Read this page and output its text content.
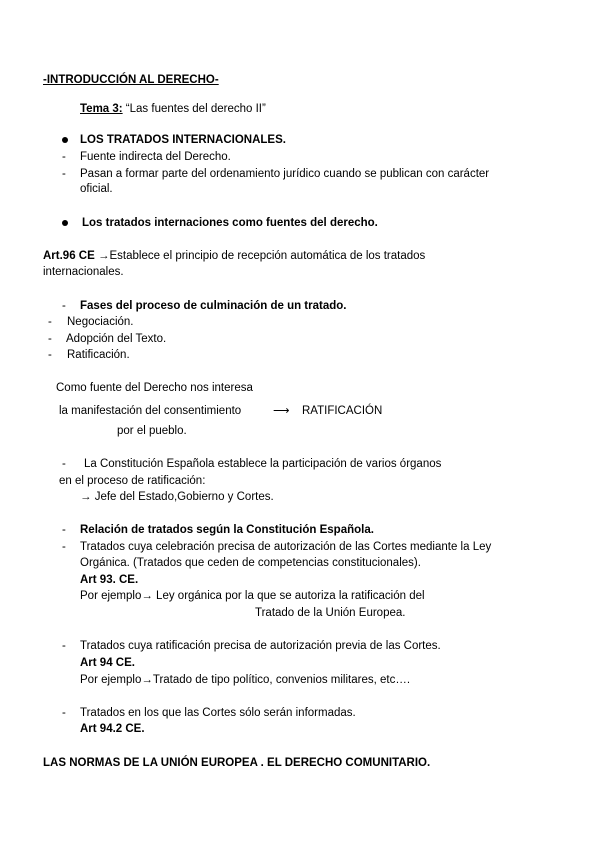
-INTRODUCCIÓN AL DERECHO-
Tema 3: “Las fuentes del derecho II”
LOS TRATADOS INTERNACIONALES.
- Fuente indirecta del Derecho.
- Pasan a formar parte del ordenamiento jurídico cuando se publican con carácter
oficial.
Los tratados internaciones como fuentes del derecho.
Art.96 CE →Establece el principio de recepción automática de los tratados
internacionales.
- Fases del proceso de culminación de un tratado.
- Negociación.
- Adopción del Texto.
- Ratificación.
Como fuente del Derecho nos interesa
la manifestación del consentimiento	⟶ RATIFICACIÓN
por el pueblo.
- La Constitución Española establece la participación de varios órganos
en el proceso de ratificación:
→ Jefe del Estado,Gobierno y Cortes.
- Relación de tratados según la Constitución Española.
- Tratados cuya celebración precisa de autorización de las Cortes mediante la Ley
Orgánica. (Tratados que ceden de competencias constitucionales).
Art 93. CE.
Por ejemplo→ Ley orgánica por la que se autoriza la ratificación del
Tratado de la Unión Europea.
- Tratados cuya ratificación precisa de autorización previa de las Cortes.
Art 94 CE.
Por ejemplo→Tratado de tipo político, convenios militares, etc….
- Tratados en los que las Cortes sólo serán informadas.
Art 94.2 CE.
LAS NORMAS DE LA UNIÓN EUROPEA . EL DERECHO COMUNITARIO.
